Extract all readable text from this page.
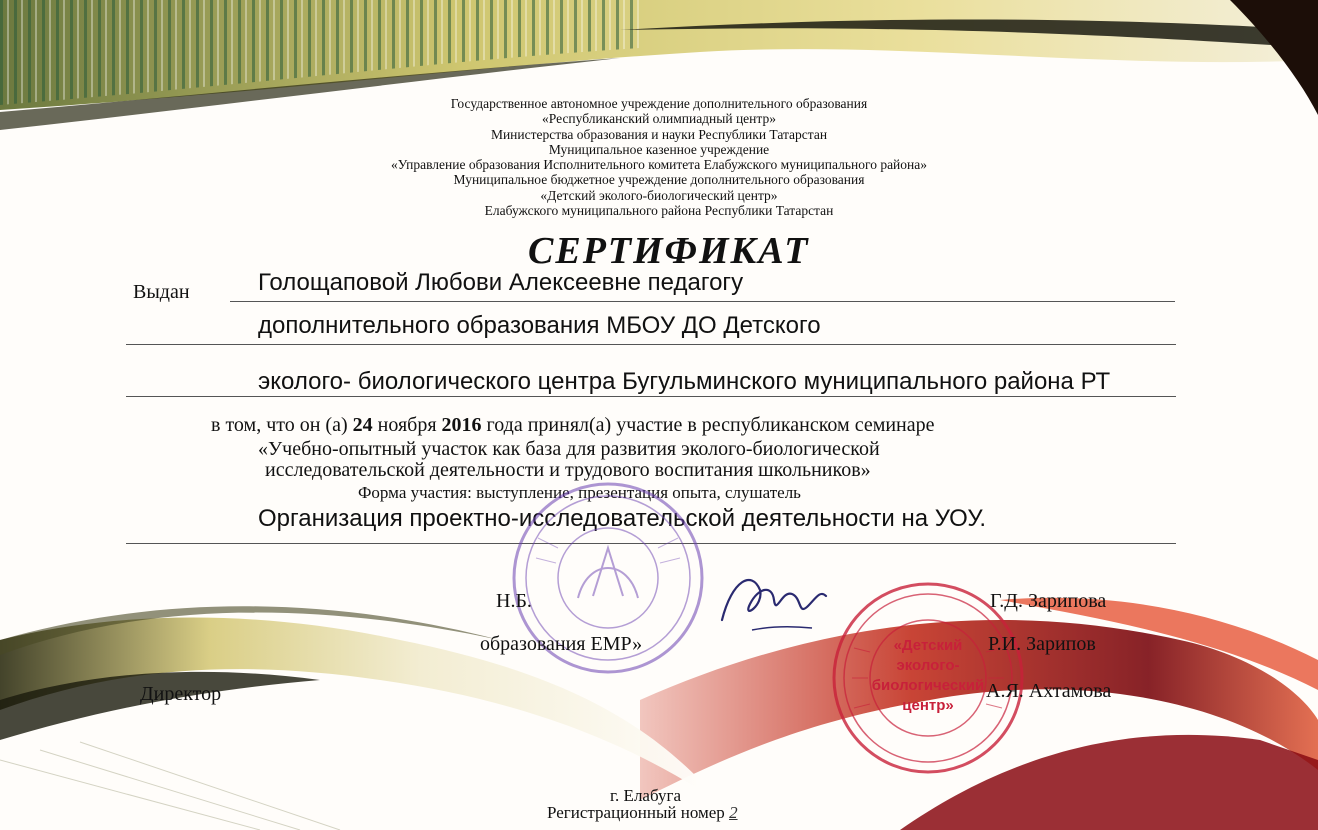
Государственное автономное учреждение дополнительного образования
«Республиканский олимпиадный центр»
Министерства образования и науки Республики Татарстан
Муниципальное казенное учреждение
«Управление образования Исполнительного комитета Елабужского муниципального района»
Муниципальное бюджетное учреждение дополнительного образования
«Детский эколого-биологический центр»
Елабужского муниципального района Республики Татарстан
СЕРТИФИКАТ
Выдан	Голощаповой Любови Алексеевне педагогу
дополнительного образования МБОУ ДО Детского
эколого- биологического центра Бугульминского муниципального района РТ
в том, что он (а) 24 ноября 2016 года принял(а) участие в республиканском семинаре
«Учебно-опытный участок как база для развития эколого-биологической
исследовательской деятельности и трудового воспитания школьников»
Форма участия: выступление, презентация опыта, слушатель
Организация проектно-исследовательской деятельности на УОУ.
«Детский
эколого-
биологический
центр»
Н.Б.	Г.Д. Зарипова
образования ЕМР»	Р.И. Зарипов
Директор	А.Я. Ахтамова
г. Елабуга
Регистрационный номер 2
